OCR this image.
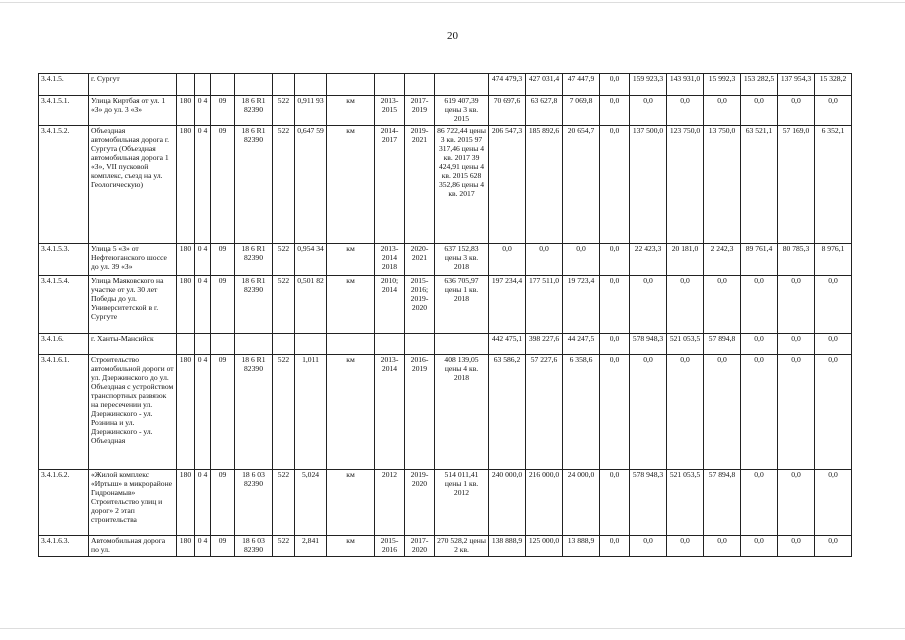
20
3.4.1.5.	г. Сургут											474 479,3	427 031,4	47 447,9	0,0	159 923,3	143 931,0	15 992,3	153 282,5	137 954,3	15 328,2
3.4.1.5.1.	Улица Киртбая от ул. 1 «З» до ул. 3 «З»	180	0 4	09	18 6 R1 82390	522	0,911 93	км	2013-2015	2017-2019	619 407,39 цены 3 кв. 2015	70 697,6	63 627,8	7 069,8	0,0	0,0	0,0	0,0	0,0	0,0	0,0
3.4.1.5.2.	Объездная автомобильная дорога г. Сургута (Объездная автомобильная дорога 1 «З», VII пусковой комплекс, съезд на ул. Геологическую)	180	0 4	09	18 6 R1 82390	522	0,647 59	км	2014-2017	2019-2021	86 722,44 цены 3 кв. 2015 97 317,46 цены 4 кв. 2017 39 424,91 цены 4 кв. 2015 628 352,86 цены 4 кв. 2017	206 547,3	185 892,6	20 654,7	0,0	137 500,0	123 750,0	13 750,0	63 521,1	57 169,0	6 352,1
3.4.1.5.3.	Улица 5 «З» от Нефтеюганского шоссе до ул. 39 «З»	180	0 4	09	18 6 R1 82390	522	0,954 34	км	2013-2014 2018	2020-2021	637 152,83 цены 3 кв. 2018	0,0	0,0	0,0	0,0	22 423,3	20 181,0	2 242,3	89 761,4	80 785,3	8 976,1
3.4.1.5.4.	Улица Маяковского на участке от ул. 30 лет Победы до ул. Университетской в г. Сургуте	180	0 4	09	18 6 R1 82390	522	0,501 82	км	2010; 2014	2015-2016; 2019-2020	636 705,97 цены 1 кв. 2018	197 234,4	177 511,0	19 723,4	0,0	0,0	0,0	0,0	0,0	0,0	0,0
3.4.1.6.	г. Ханты-Мансийск											442 475,1	398 227,6	44 247,5	0,0	578 948,3	521 053,5	57 894,8	0,0	0,0	0,0
3.4.1.6.1.	Строительство автомобильной дороги от ул. Дзержинского до ул. Объездная с устройством транспортных развязок на пересечении ул. Дзержинского - ул. Рознина и ул. Дзержинского - ул. Объездная	180	0 4	09	18 6 R1 82390	522	1,011	км	2013-2014	2016-2019	408 139,05 цены 4 кв. 2018	63 586,2	57 227,6	6 358,6	0,0	0,0	0,0	0,0	0,0	0,0	0,0
3.4.1.6.2.	«Жилой комплекс «Иртыш» в микрорайоне Гидронамыв» Строительство улиц и дорог» 2 этап строительства	180	0 4	09	18 6 03 82390	522	5,024	км	2012	2019-2020	514 011,41 цены 1 кв. 2012	240 000,0	216 000,0	24 000,0	0,0	578 948,3	521 053,5	57 894,8	0,0	0,0	0,0
3.4.1.6.3.	Автомобильная дорога по ул.	180	0 4	09	18 6 03 82390	522	2,841	км	2015-2016	2017-2020	270 528,2 цены 2 кв.	138 888,9	125 000,0	13 888,9	0,0	0,0	0,0	0,0	0,0	0,0	0,0
